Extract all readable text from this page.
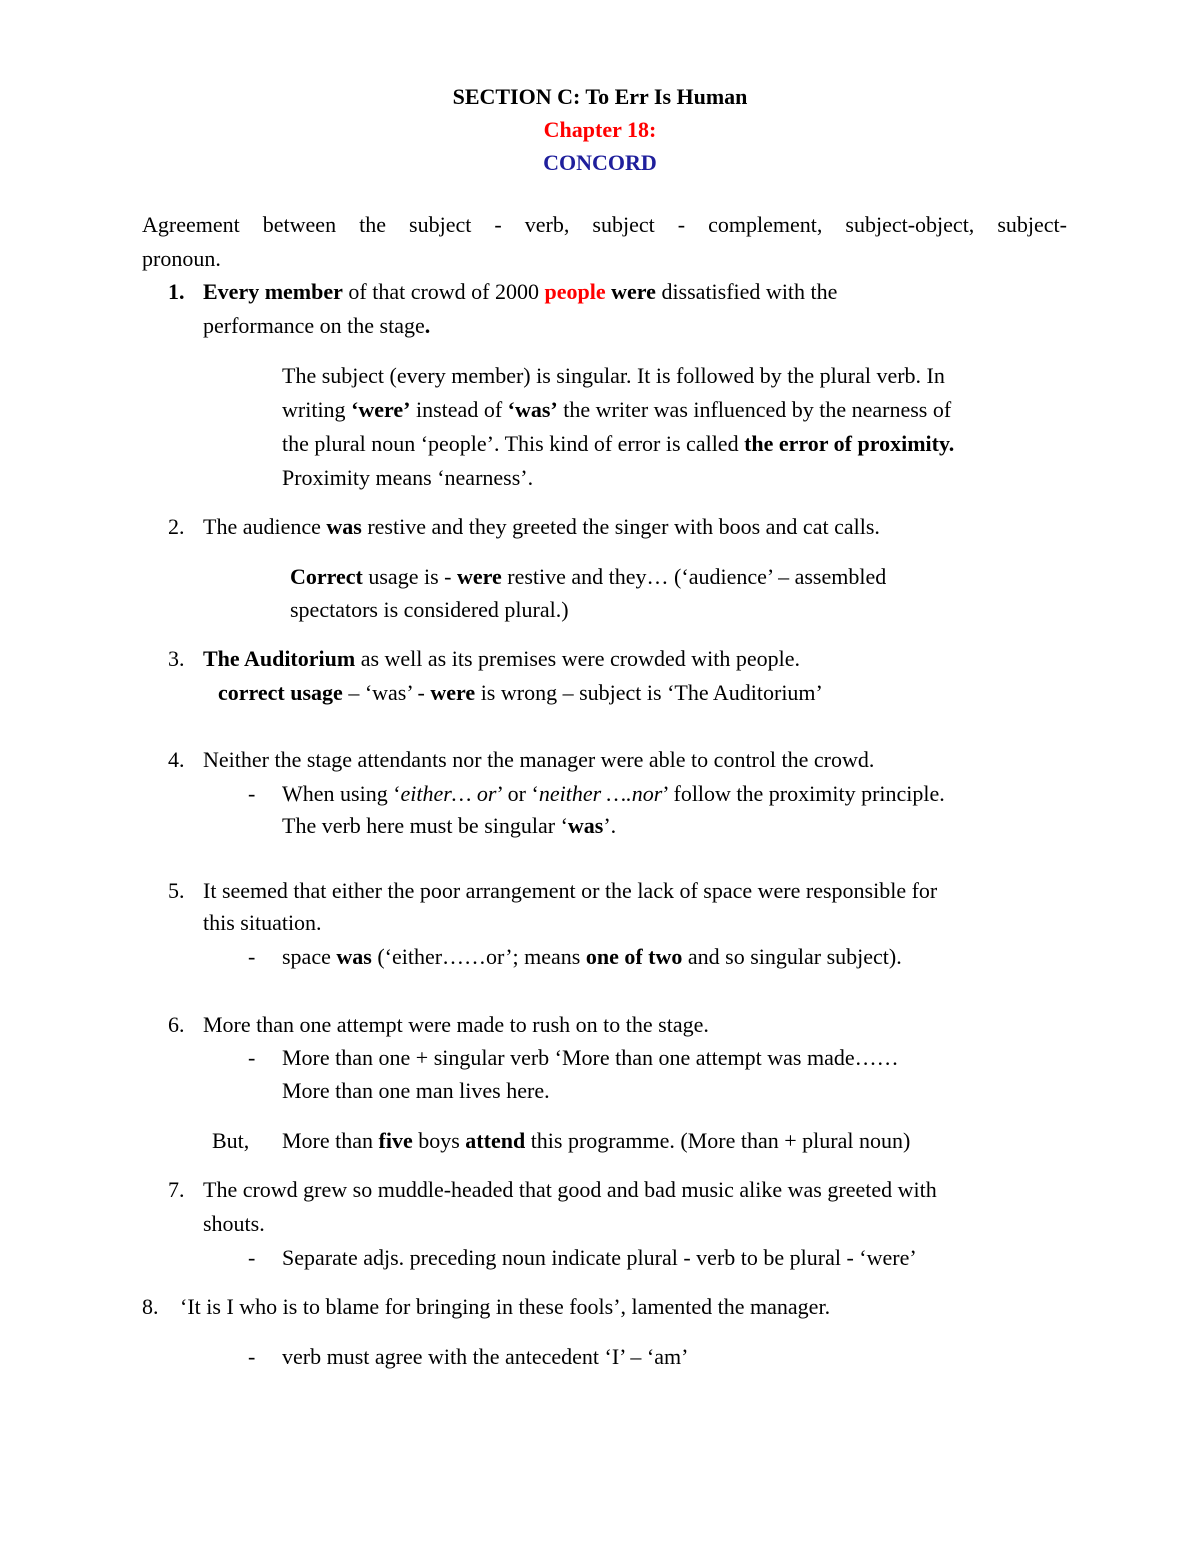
SECTION C: To Err Is Human
Chapter 18:
CONCORD
Agreement between the subject - verb, subject - complement, subject-object, subject-
pronoun.
1. Every member of that crowd of 2000 people were dissatisfied with the
performance on the stage.
The subject (every member) is singular. It is followed by the plural verb. In
writing ‘were’ instead of ‘was’ the writer was influenced by the nearness of
the plural noun ‘people’. This kind of error is called the error of proximity.
Proximity means ‘nearness’.
2. The audience was restive and they greeted the singer with boos and cat calls.
Correct usage is - were restive and they… (‘audience’ – assembled
spectators is considered plural.)
3. The Auditorium as well as its premises were crowded with people.
correct usage – ‘was’ - were is wrong – subject is ‘The Auditorium’
4. Neither the stage attendants nor the manager were able to control the crowd.
- When using ‘either… or’ or ‘neither ….nor’ follow the proximity principle.
The verb here must be singular ‘was’.
5. It seemed that either the poor arrangement or the lack of space were responsible for
this situation.
- space was (‘either……or’; means one of two and so singular subject).
6. More than one attempt were made to rush on to the stage.
- More than one + singular verb ‘More than one attempt was made……
More than one man lives here.
But, More than five boys attend this programme. (More than + plural noun)
7. The crowd grew so muddle-headed that good and bad music alike was greeted with
shouts.
- Separate adjs. preceding noun indicate plural - verb to be plural - ‘were’
8. ‘It is I who is to blame for bringing in these fools’, lamented the manager.
- verb must agree with the antecedent ‘I’ – ‘am’
